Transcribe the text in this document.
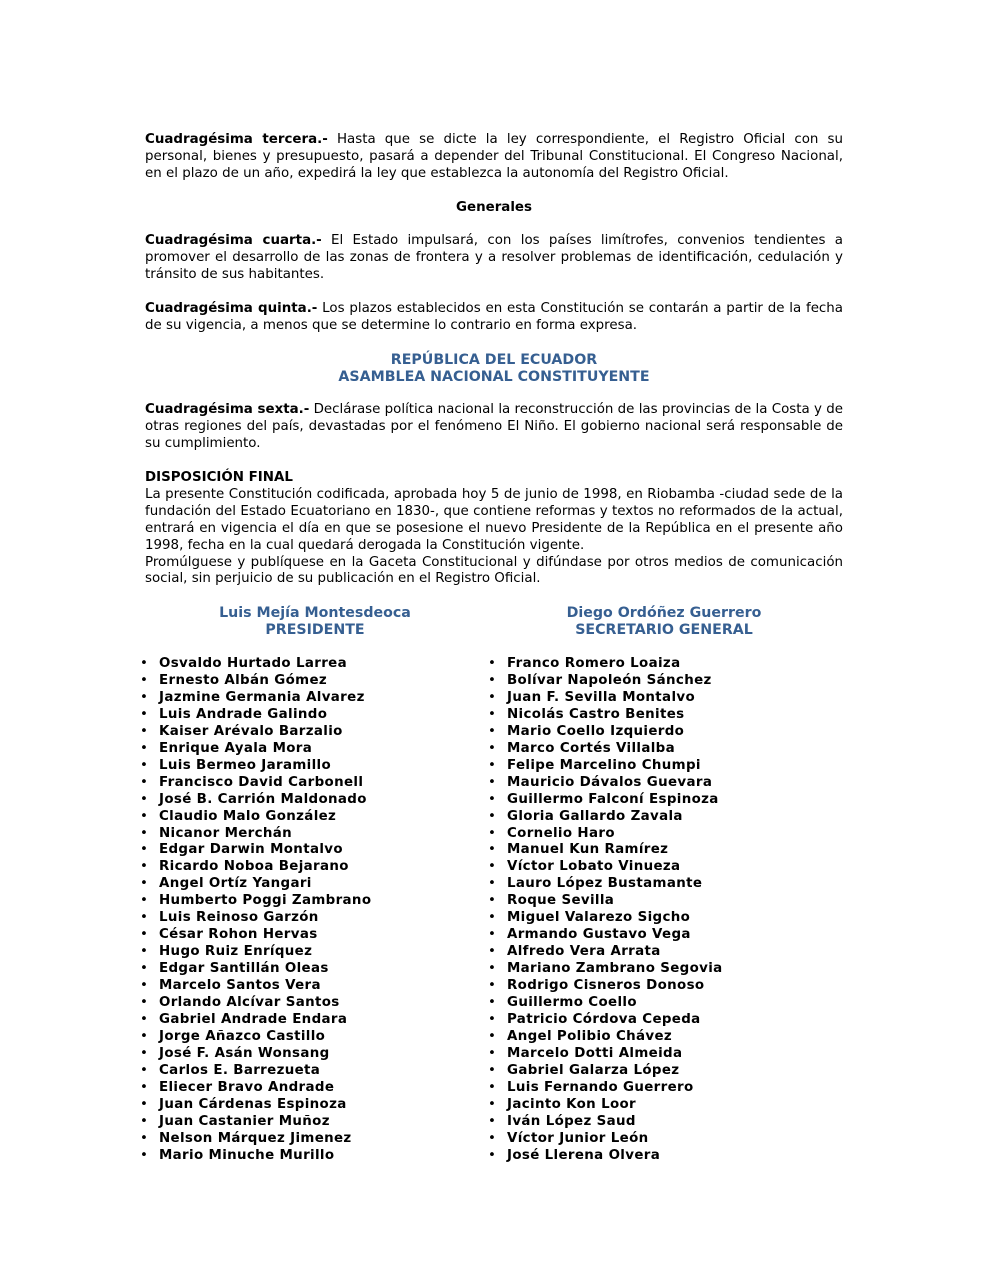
Cuadragésima tercera.- Hasta que se dicte la ley correspondiente, el Registro Oficial con su personal, bienes y presupuesto, pasará a depender del Tribunal Constitucional. El Congreso Nacional, en el plazo de un año, expedirá la ley que establezca la autonomía del Registro Oficial.

Generales

Cuadragésima cuarta.- El Estado impulsará, con los países limítrofes, convenios tendientes a promover el desarrollo de las zonas de frontera y a resolver problemas de identificación, cedulación y tránsito de sus habitantes.

Cuadragésima quinta.- Los plazos establecidos en esta Constitución se contarán a partir de la fecha de su vigencia, a menos que se determine lo contrario en forma expresa.

REPÚBLICA DEL ECUADOR

ASAMBLEA NACIONAL CONSTITUYENTE

Cuadragésima sexta.- Declárase política nacional la reconstrucción de las provincias de la Costa y de otras regiones del país, devastadas por el fenómeno El Niño. El gobierno nacional será responsable de su cumplimiento.

DISPOSICIÓN FINAL

La presente Constitución codificada, aprobada hoy 5 de junio de 1998, en Riobamba -ciudad sede de la fundación del Estado Ecuatoriano en 1830-, que contiene reformas y textos no reformados de la actual, entrará en vigencia el día en que se posesione el nuevo Presidente de la República en el presente año 1998, fecha en la cual quedará derogada la Constitución vigente.

Promúlguese y publíquese en la Gaceta Constitucional y difúndase por otros medios de comunicación social, sin perjuicio de su publicación en el Registro Oficial.

Luis Mejía Montesdeoca
PRESIDENTE
Diego Ordóñez Guerrero
SECRETARIO GENERAL
• Osvaldo Hurtado Larrea
• Ernesto Albán Gómez
• Jazmine Germania Alvarez
• Luis Andrade Galindo
• Kaiser Arévalo Barzalio
• Enrique Ayala Mora
• Luis Bermeo Jaramillo
• Francisco David Carbonell
• José B. Carrión Maldonado
• Claudio Malo González
• Nicanor Merchán
• Edgar Darwin Montalvo
• Ricardo Noboa Bejarano
• Angel Ortíz Yangari
• Humberto Poggi Zambrano
• Luis Reinoso Garzón
• César Rohon Hervas
• Hugo Ruiz Enríquez
• Edgar Santillán Oleas
• Marcelo Santos Vera
• Orlando Alcívar Santos
• Gabriel Andrade Endara
• Jorge Añazco Castillo
• José F. Asán Wonsang
• Carlos E. Barrezueta
• Eliecer Bravo Andrade
• Juan Cárdenas Espinoza
• Juan Castanier Muñoz
• Nelson Márquez Jimenez
• Mario Minuche Murillo
• Franco Romero Loaiza
• Bolívar Napoleón Sánchez
• Juan F. Sevilla Montalvo
• Nicolás Castro Benites
• Mario Coello Izquierdo
• Marco Cortés Villalba
• Felipe Marcelino Chumpi
• Mauricio Dávalos Guevara
• Guillermo Falconí Espinoza
• Gloria Gallardo Zavala
• Cornelio Haro
• Manuel Kun Ramírez
• Víctor Lobato Vinueza
• Lauro López Bustamante
• Roque Sevilla
• Miguel Valarezo Sigcho
• Armando Gustavo Vega
• Alfredo Vera Arrata
• Mariano Zambrano Segovia
• Rodrigo Cisneros Donoso
• Guillermo Coello
• Patricio Córdova Cepeda
• Angel Polibio Chávez
• Marcelo Dotti Almeida
• Gabriel Galarza López
• Luis Fernando Guerrero
• Jacinto Kon Loor
• Iván López Saud
• Víctor Junior León
• José Llerena Olvera
